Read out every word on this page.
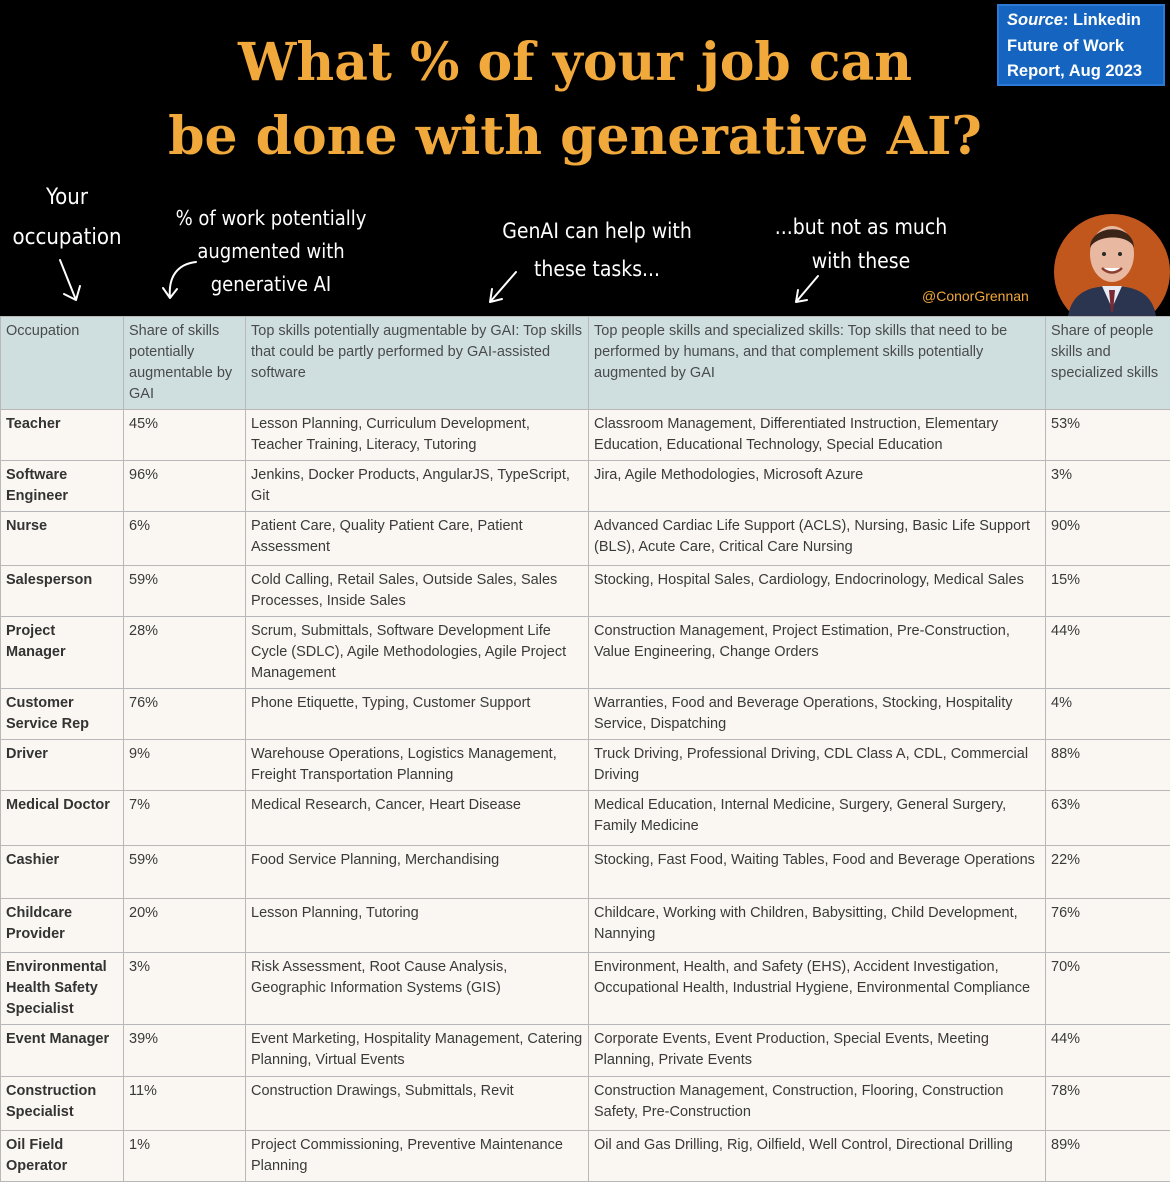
What % of your job can
be done with generative AI?
Source: Linkedin
Future of Work
Report, Aug 2023
Your
occupation
% of work potentially
augmented with
generative AI
GenAI can help with
these tasks...
...but not as much
with these
@ConorGrennan
Occupation	Share of skills potentially augmentable by GAI	Top skills potentially augmentable by GAI: Top skills that could be partly performed by GAI-assisted software	Top people skills and specialized skills: Top skills that need to be performed by humans, and that complement skills potentially augmented by GAI	Share of people skills and specialized skills
Teacher	45%	Lesson Planning, Curriculum Development, Teacher Training, Literacy, Tutoring	Classroom Management, Differentiated Instruction, Elementary Education, Educational Technology, Special Education	53%
Software Engineer	96%	Jenkins, Docker Products, AngularJS, TypeScript, Git	Jira, Agile Methodologies, Microsoft Azure	3%
Nurse	6%	Patient Care, Quality Patient Care, Patient Assessment	Advanced Cardiac Life Support (ACLS), Nursing, Basic Life Support (BLS), Acute Care, Critical Care Nursing	90%
Salesperson	59%	Cold Calling, Retail Sales, Outside Sales, Sales Processes, Inside Sales	Stocking, Hospital Sales, Cardiology, Endocrinology, Medical Sales	15%
Project Manager	28%	Scrum, Submittals, Software Development Life Cycle (SDLC), Agile Methodologies, Agile Project Management	Construction Management, Project Estimation, Pre-Construction, Value Engineering, Change Orders	44%
Customer Service Rep	76%	Phone Etiquette, Typing, Customer Support	Warranties, Food and Beverage Operations, Stocking, Hospitality Service, Dispatching	4%
Driver	9%	Warehouse Operations, Logistics Management, Freight Transportation Planning	Truck Driving, Professional Driving, CDL Class A, CDL, Commercial Driving	88%
Medical Doctor	7%	Medical Research, Cancer, Heart Disease	Medical Education, Internal Medicine, Surgery, General Surgery, Family Medicine	63%
Cashier	59%	Food Service Planning, Merchandising	Stocking, Fast Food, Waiting Tables, Food and Beverage Operations	22%
Childcare Provider	20%	Lesson Planning, Tutoring	Childcare, Working with Children, Babysitting, Child Development, Nannying	76%
Environmental Health Safety Specialist	3%	Risk Assessment, Root Cause Analysis, Geographic Information Systems (GIS)	Environment, Health, and Safety (EHS), Accident Investigation, Occupational Health, Industrial Hygiene, Environmental Compliance	70%
Event Manager	39%	Event Marketing, Hospitality Management, Catering Planning, Virtual Events	Corporate Events, Event Production, Special Events, Meeting Planning, Private Events	44%
Construction Specialist	11%	Construction Drawings, Submittals, Revit	Construction Management, Construction, Flooring, Construction Safety, Pre-Construction	78%
Oil Field Operator	1%	Project Commissioning, Preventive Maintenance Planning	Oil and Gas Drilling, Rig, Oilfield, Well Control, Directional Drilling	89%
